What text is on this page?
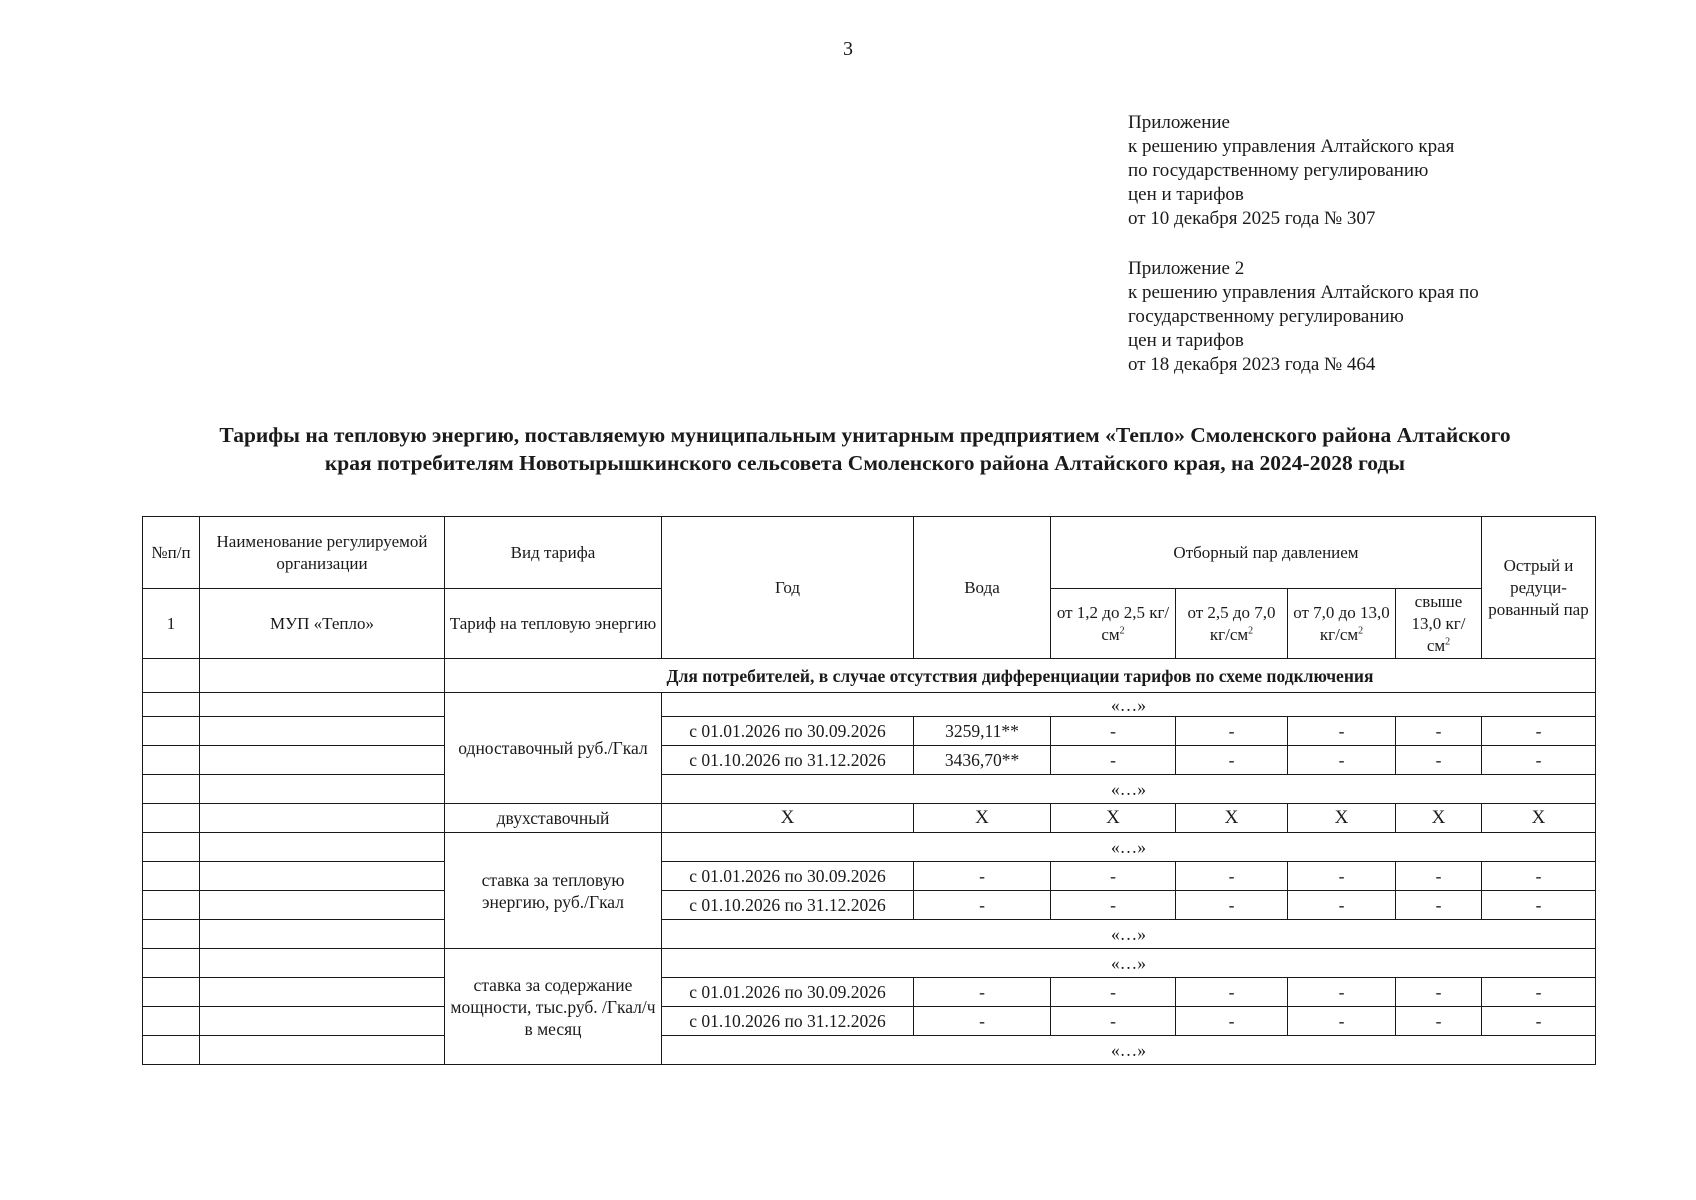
3
Приложение
к решению управления Алтайского края
по государственному регулированию
цен и тарифов
от 10 декабря 2025 года № 307
Приложение 2
к решению управления Алтайского края по
государственному регулированию
цен и тарифов
от 18 декабря 2023 года № 464
Тарифы на тепловую энергию, поставляемую муниципальным унитарным предприятием «Тепло» Смоленского района Алтайского
края потребителям Новотырышкинского сельсовета Смоленского района Алтайского края, на 2024-2028 годы
№п/п	Наименование регулируемой организации	Вид тарифа	Год	Вода	Отборный пар давлением				Острый и редуци-рованный пар
1	МУП «Тепло»	Тариф на тепловую энергию			от 1,2 до 2,5 $кг/см^2$	от 2,5 до 7,0 $кг/см^2$	от 7,0 до 13,0 $кг/см^2$	свыше 13,0 $кг/см^2$
		Для потребителей, в случае отсутствия дифференциации тарифов по схеме подключения							
		одноставочный руб./Гкал	«…»						
			с 01.01.2026 по 30.09.2026	3259,11**	-	-	-	-	-
			с 01.10.2026 по 31.12.2026	3436,70**	-	-	-	-	-
			«…»						
		двухставочный	Х	Х	Х	Х	Х	Х	Х
		ставка за тепловую энергию, руб./Гкал	«…»						
			с 01.01.2026 по 30.09.2026	-	-	-	-	-	-
			с 01.10.2026 по 31.12.2026	-	-	-	-	-	-
			«…»						
		ставка за содержание мощности, тыс.руб. /Гкал/ч в месяц	«…»						
			с 01.01.2026 по 30.09.2026	-	-	-	-	-	-
			с 01.10.2026 по 31.12.2026	-	-	-	-	-	-
			«…»						
